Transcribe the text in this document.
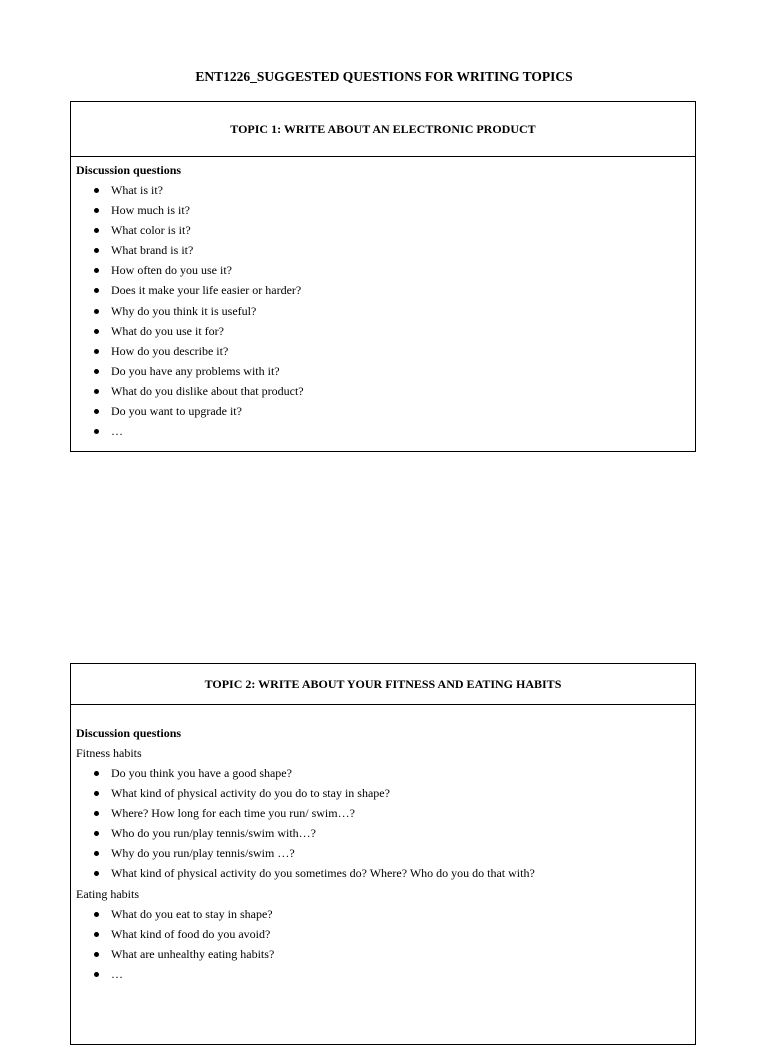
ENT1226_SUGGESTED QUESTIONS FOR WRITING TOPICS
TOPIC 1: WRITE ABOUT AN ELECTRONIC PRODUCT
Discussion questions
What is it?
How much is it?
What color is it?
What brand is it?
How often do you use it?
Does it make your life easier or harder?
Why do you think it is useful?
What do you use it for?
How do you describe it?
Do you have any problems with it?
What do you dislike about that product?
Do you want to upgrade it?
…
TOPIC 2: WRITE ABOUT YOUR FITNESS AND EATING HABITS
Discussion questions
Fitness habits
Do you think you have a good shape?
What kind of physical activity do you do to stay in shape?
Where? How long for each time you run/ swim…?
Who do you run/play tennis/swim with…?
Why do you run/play tennis/swim …?
What kind of physical activity do you sometimes do? Where? Who do you do that with?
Eating habits
What do you eat to stay in shape?
What kind of food do you avoid?
What are unhealthy eating habits?
…
